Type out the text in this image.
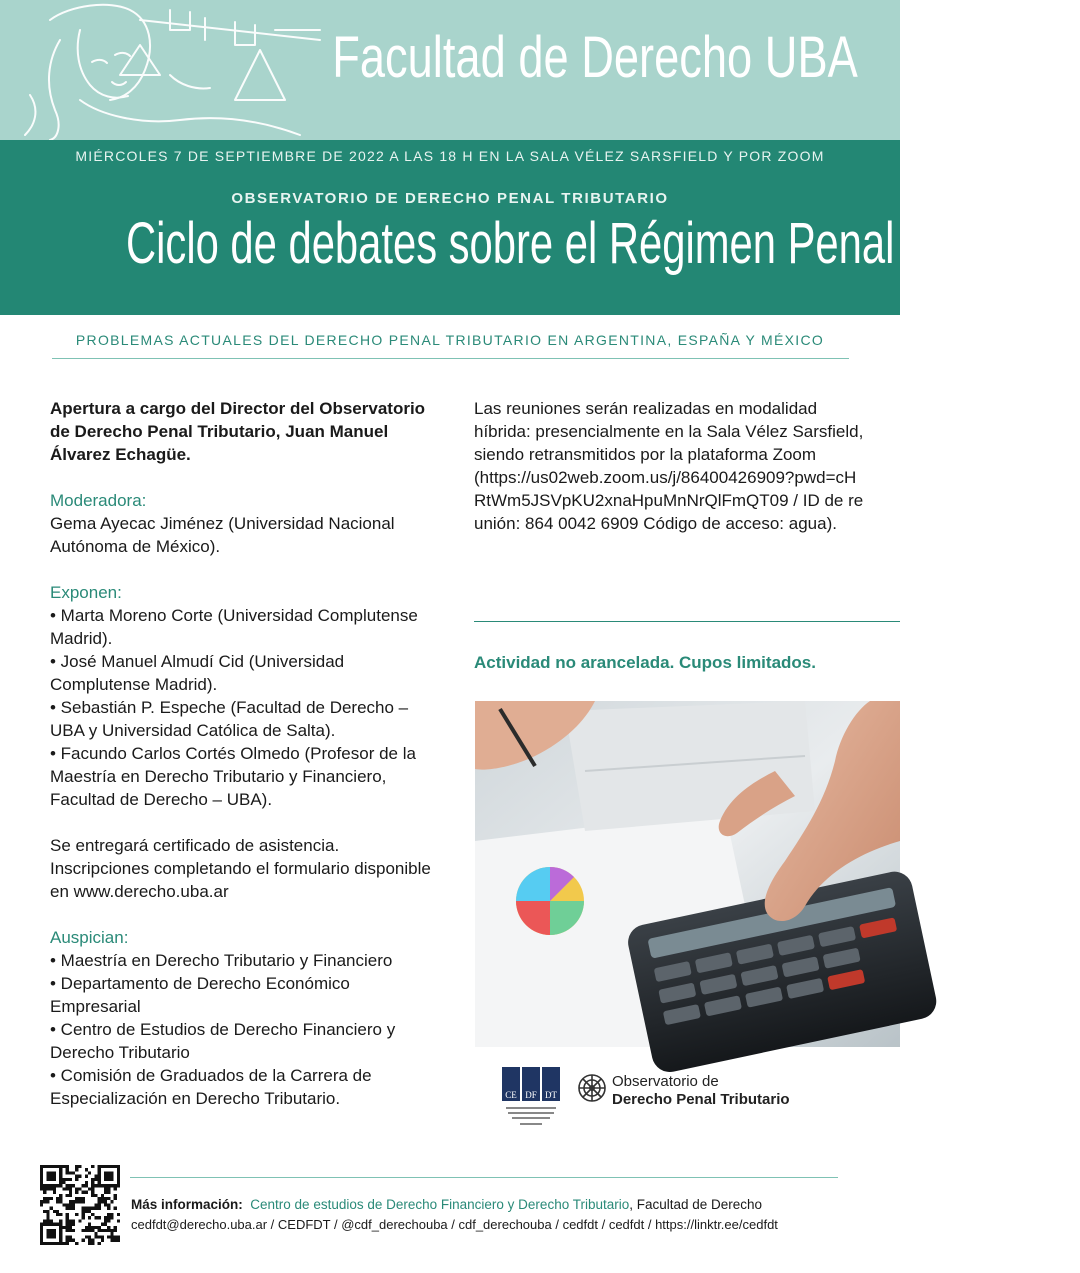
Facultad de Derecho UBA
MIÉRCOLES 7 DE SEPTIEMBRE DE 2022 A LAS 18 H EN LA SALA VÉLEZ SARSFIELD Y POR ZOOM
OBSERVATORIO DE DERECHO PENAL TRIBUTARIO
Ciclo de debates sobre el Régimen Penal Tributario
PROBLEMAS ACTUALES DEL DERECHO PENAL TRIBUTARIO EN ARGENTINA, ESPAÑA Y MÉXICO
Apertura a cargo del Director del Observatorio de Derecho Penal Tributario, Juan Manuel Álvarez Echagüe.
Moderadora:
Gema Ayecac Jiménez (Universidad Nacional Autónoma de México).
Exponen:
• Marta Moreno Corte (Universidad Complutense Madrid).
• José Manuel Almudí Cid (Universidad Complutense Madrid).
• Sebastián P. Espeche (Facultad de Derecho – UBA y Universidad Católica de Salta).
• Facundo Carlos Cortés Olmedo (Profesor de la Maestría en Derecho Tributario y Financiero, Facultad de Derecho – UBA).
Se entregará certificado de asistencia.
Inscripciones completando el formulario disponible en www.derecho.uba.ar
Auspician:
• Maestría en Derecho Tributario y Financiero
• Departamento de Derecho Económico Empresarial
• Centro de Estudios de Derecho Financiero y Derecho Tributario
• Comisión de Graduados de la Carrera de Especialización en Derecho Tributario.
Las reuniones serán realizadas en modalidad híbrida: presencialmente en la Sala Vélez Sarsfield, siendo retransmitidos por la plataforma Zoom
(https://us02web.zoom.us/j/86400426909?pwd=cHRtWm5JSVpKU2xnaHpuMnNrQlFmQT09 / ID de reunión: 864 0042 6909 Código de acceso: agua).
Actividad no arancelada. Cupos limitados.
CE DF DT
Observatorio de
Derecho Penal Tributario
Más información: Centro de estudios de Derecho Financiero y Derecho Tributario, Facultad de Derecho
cedfdt@derecho.uba.ar / CEDFDT / @cdf_derechouba / cdf_derechouba / cedfdt / cedfdt / https://linktr.ee/cedfdt
